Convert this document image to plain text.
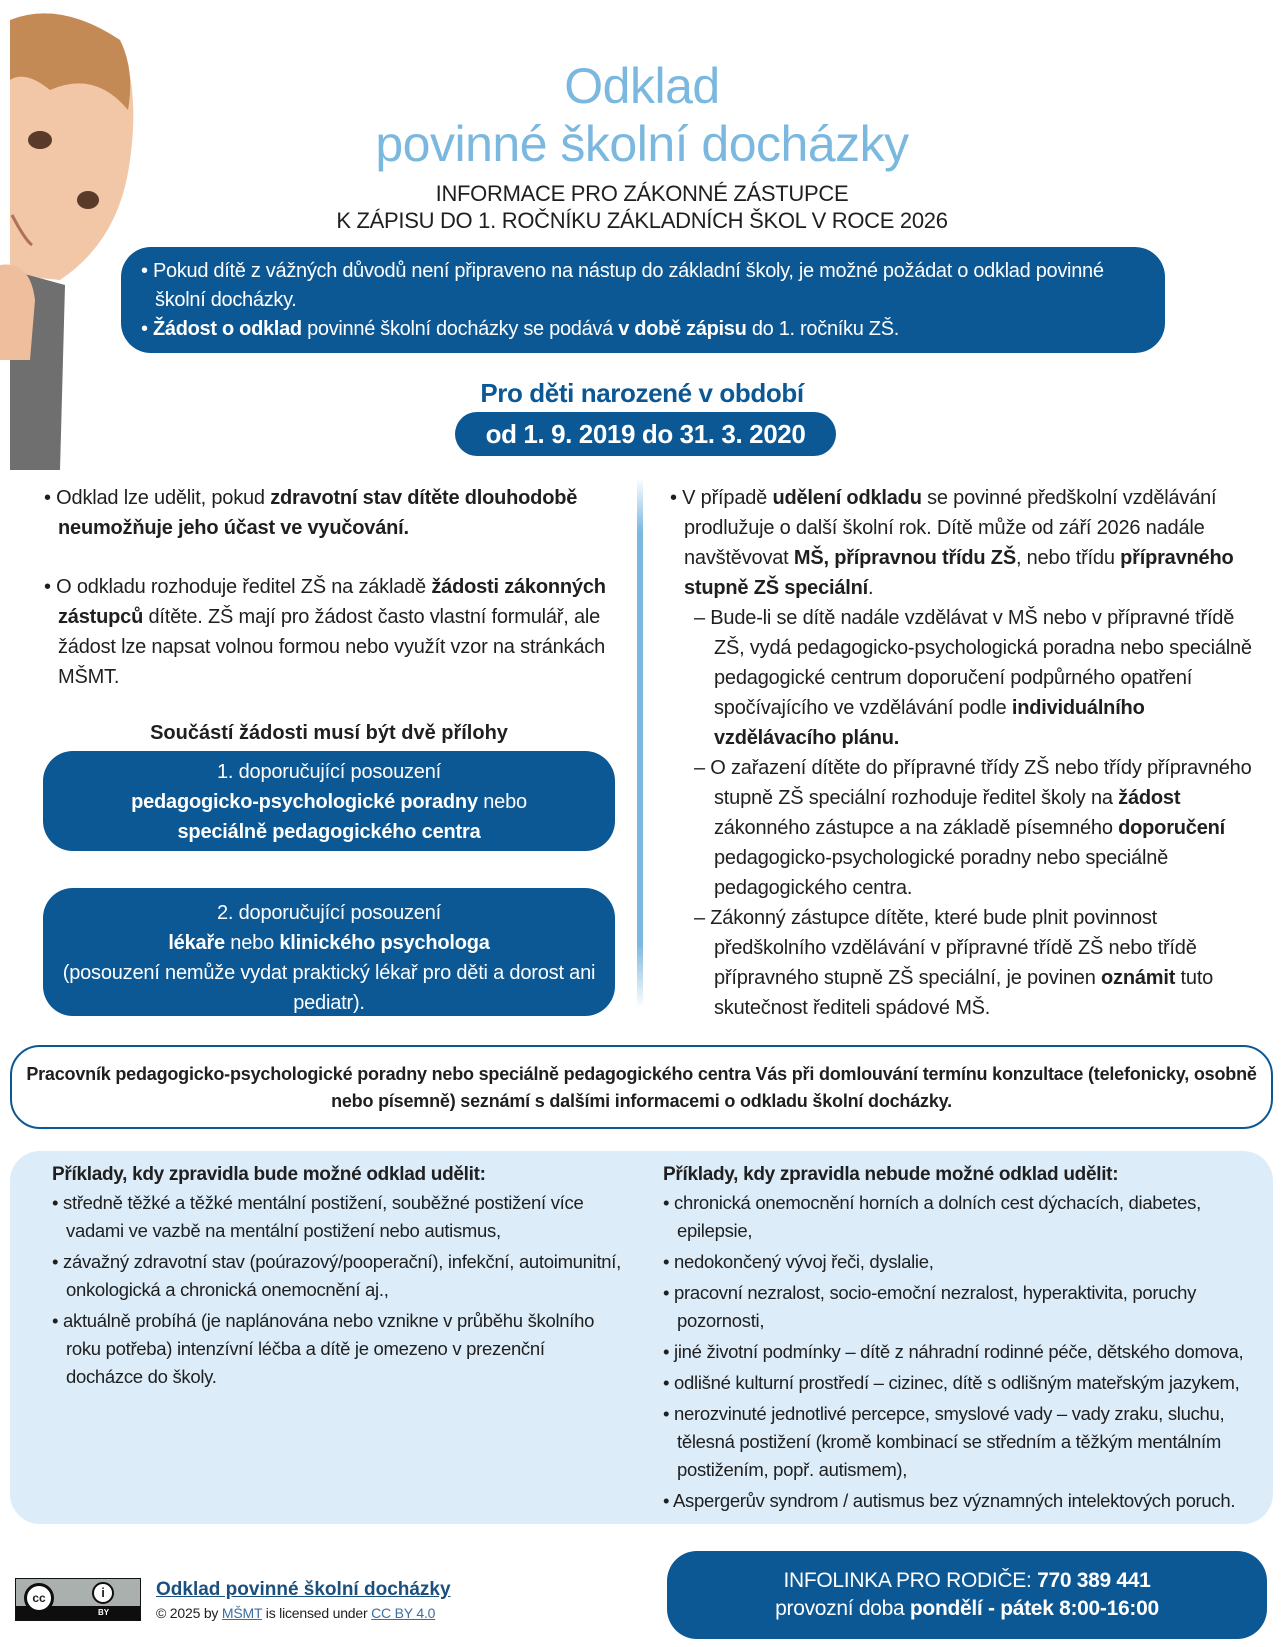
Odklad
povinné školní docházky
INFORMACE PRO ZÁKONNÉ ZÁSTUPCE
K ZÁPISU DO 1. ROČNÍKU ZÁKLADNÍCH ŠKOL V ROCE 2026
• Pokud dítě z vážných důvodů není připraveno na nástup do základní školy, je možné požádat o odklad povinné školní docházky.
• Žádost o odklad povinné školní docházky se podává v době zápisu do 1. ročníku ZŠ.
Pro děti narozené v období
od 1. 9. 2019 do 31. 3. 2020
• Odklad lze udělit, pokud zdravotní stav dítěte dlouhodobě neumožňuje jeho účast ve vyučování.
• O odkladu rozhoduje ředitel ZŠ na základě žádosti zákonných zástupců dítěte. ZŠ mají pro žádost často vlastní formulář, ale žádost lze napsat volnou formou nebo využít vzor na stránkách MŠMT.
Součástí žádosti musí být dvě přílohy
1. doporučující posouzení
pedagogicko-psychologické poradny nebo
speciálně pedagogického centra
2. doporučující posouzení
lékaře nebo klinického psychologa
(posouzení nemůže vydat praktický lékař pro děti a dorost ani pediatr).
• V případě udělení odkladu se povinné předškolní vzdělávání prodlužuje o další školní rok. Dítě může od září 2026 nadále navštěvovat MŠ, přípravnou třídu ZŠ, nebo třídu přípravného stupně ZŠ speciální.
– Bude-li se dítě nadále vzdělávat v MŠ nebo v přípravné třídě ZŠ, vydá pedagogicko-psychologická poradna nebo speciálně pedagogické centrum doporučení podpůrného opatření spočívajícího ve vzdělávání podle individuálního vzdělávacího plánu.
– O zařazení dítěte do přípravné třídy ZŠ nebo třídy přípravného stupně ZŠ speciální rozhoduje ředitel školy na žádost zákonného zástupce a na základě písemného doporučení pedagogicko-psychologické poradny nebo speciálně pedagogického centra.
– Zákonný zástupce dítěte, které bude plnit povinnost předškolního vzdělávání v přípravné třídě ZŠ nebo třídě přípravného stupně ZŠ speciální, je povinen oznámit tuto skutečnost řediteli spádové MŠ.
Pracovník pedagogicko-psychologické poradny nebo speciálně pedagogického centra Vás při domlouvání termínu konzultace (telefonicky, osobně nebo písemně) seznámí s dalšími informacemi o odkladu školní docházky.
Příklady, kdy zpravidla bude možné odklad udělit:
• středně těžké a těžké mentální postižení, souběžné postižení více vadami ve vazbě na mentální postižení nebo autismus,
• závažný zdravotní stav (poúrazový/pooperační), infekční, autoimunitní, onkologická a chronická onemocnění aj.,
• aktuálně probíhá (je naplánována nebo vznikne v průběhu školního roku potřeba) intenzívní léčba a dítě je omezeno v prezenční docházce do školy.
Příklady, kdy zpravidla nebude možné odklad udělit:
• chronická onemocnění horních a dolních cest dýchacích, diabetes, epilepsie,
• nedokončený vývoj řeči, dyslalie,
• pracovní nezralost, socio-emoční nezralost, hyperaktivita, poruchy pozornosti,
• jiné životní podmínky – dítě z náhradní rodinné péče, dětského domova,
• odlišné kulturní prostředí – cizinec, dítě s odlišným mateřským jazykem,
• nerozvinuté jednotlivé percepce, smyslové vady – vady zraku, sluchu, tělesná postižení (kromě kombinací se středním a těžkým mentálním postižením, popř. autismem),
• Aspergerův syndrom / autismus bez významných intelektových poruch.
cc	i
BY
Odklad povinné školní docházky
© 2025 by MŠMT is licensed under CC BY 4.0
INFOLINKA PRO RODIČE: 770 389 441
provozní doba pondělí - pátek 8:00-16:00
